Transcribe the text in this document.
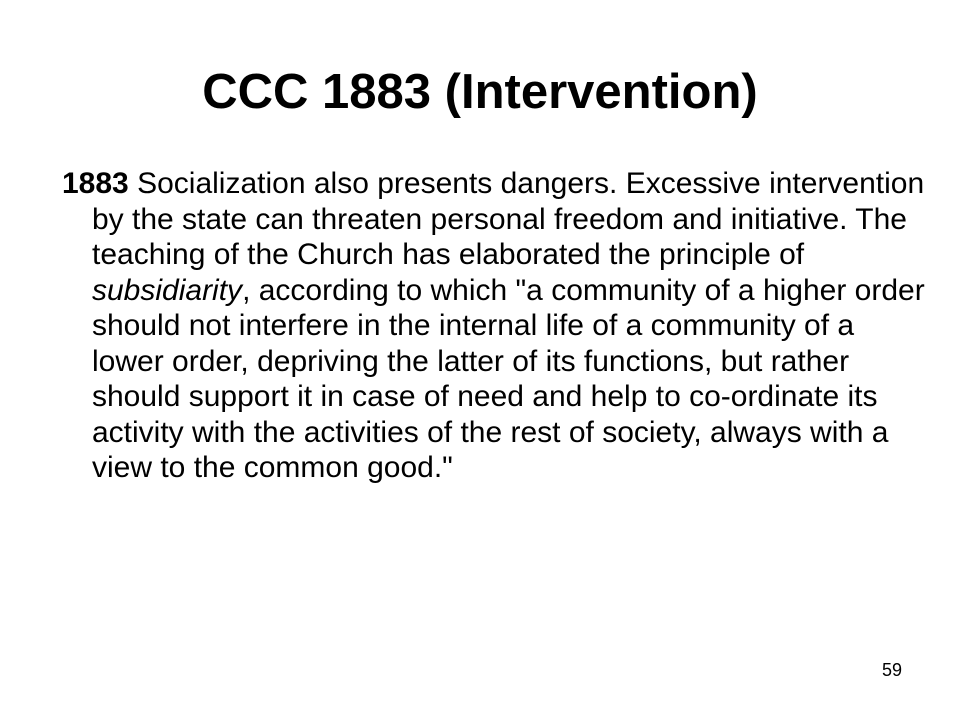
CCC 1883 (Intervention)

1883 Socialization also presents dangers. Excessive intervention by the state can threaten personal freedom and initiative. The teaching of the Church has elaborated the principle of subsidiarity, according to which "a community of a higher order should not interfere in the internal life of a community of a lower order, depriving the latter of its functions, but rather should support it in case of need and help to co-ordinate its activity with the activities of the rest of society, always with a view to the common good."

59
